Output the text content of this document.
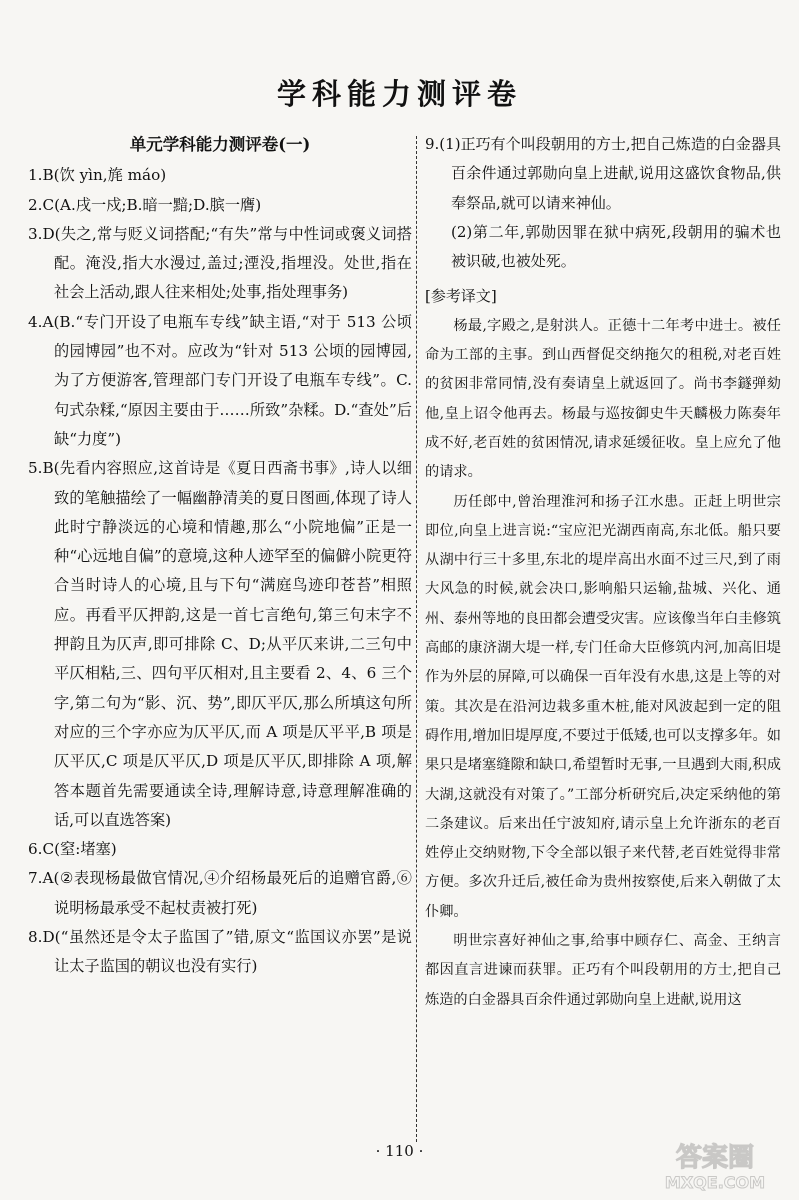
学科能力测评卷
单元学科能力测评卷(一)
1.B(饮 yìn,旄 máo)
2.C(A.戌一戍;B.暗一黯;D.膑一膺)
3.D(失之,常与贬义词搭配;“有失”常与中性词或褒义词搭配。淹没,指大水漫过,盖过;湮没,指埋没。处世,指在社会上活动,跟人往来相处;处事,指处理事务)
4.A(B.“专门开设了电瓶车专线”缺主语,“对于 513 公顷的园博园”也不对。应改为“针对 513 公顷的园博园,为了方便游客,管理部门专门开设了电瓶车专线”。C.句式杂糅,“原因主要由于……所致”杂糅。D.“查处”后缺“力度”)
5.B(先看内容照应,这首诗是《夏日西斋书事》,诗人以细致的笔触描绘了一幅幽静清美的夏日图画,体现了诗人此时宁静淡远的心境和情趣,那么“小院地偏”正是一种“心远地自偏”的意境,这种人迹罕至的偏僻小院更符合当时诗人的心境,且与下句“满庭鸟迹印苍苔”相照应。再看平仄押韵,这是一首七言绝句,第三句末字不押韵且为仄声,即可排除 C、D;从平仄来讲,二三句中平仄相粘,三、四句平仄相对,且主要看 2、4、6 三个字,第二句为“影、沉、势”,即仄平仄,那么所填这句所对应的三个字亦应为仄平仄,而 A 项是仄平平,B 项是仄平仄,C 项是仄平仄,D 项是仄平仄,即排除 A 项,解答本题首先需要通读全诗,理解诗意,诗意理解准确的话,可以直选答案)
6.C(窒:堵塞)
7.A(②表现杨最做官情况,④介绍杨最死后的追赠官爵,⑥说明杨最承受不起杖责被打死)
8.D(“虽然还是令太子监国了”错,原文“监国议亦罢”是说让太子监国的朝议也没有实行)
9.(1)正巧有个叫段朝用的方士,把自己炼造的白金器具百余件通过郭勋向皇上进献,说用这盛饮食物品,供奉祭品,就可以请来神仙。
(2)第二年,郭勋因罪在狱中病死,段朝用的骗术也被识破,也被处死。
[参考译文]
杨最,字殿之,是射洪人。正德十二年考中进士。被任命为工部的主事。到山西督促交纳拖欠的租税,对老百姓的贫困非常同情,没有奏请皇上就返回了。尚书李鐩弹劾他,皇上诏令他再去。杨最与巡按御史牛天麟极力陈奏年成不好,老百姓的贫困情况,请求延缓征收。皇上应允了他的请求。
历任郎中,曾治理淮河和扬子江水患。正赶上明世宗即位,向皇上进言说:“宝应汜光湖西南高,东北低。船只要从湖中行三十多里,东北的堤岸高出水面不过三尺,到了雨大风急的时候,就会决口,影响船只运输,盐城、兴化、通州、泰州等地的良田都会遭受灾害。应该像当年白圭修筑高邮的康济湖大堤一样,专门任命大臣修筑内河,加高旧堤作为外层的屏障,可以确保一百年没有水患,这是上等的对策。其次是在沿河边栽多重木桩,能对风波起到一定的阻碍作用,增加旧堤厚度,不要过于低矮,也可以支撑多年。如果只是堵塞缝隙和缺口,希望暂时无事,一旦遇到大雨,积成大湖,这就没有对策了。”工部分析研究后,决定采纳他的第二条建议。后来出任宁波知府,请示皇上允许浙东的老百姓停止交纳财物,下令全部以银子来代替,老百姓觉得非常方便。多次升迁后,被任命为贵州按察使,后来入朝做了太仆卿。
明世宗喜好神仙之事,给事中顾存仁、高金、王纳言都因直言进谏而获罪。正巧有个叫段朝用的方士,把自己炼造的白金器具百余件通过郭勋向皇上进献,说用这
· 110 ·	答案圈
MXQE.COM
